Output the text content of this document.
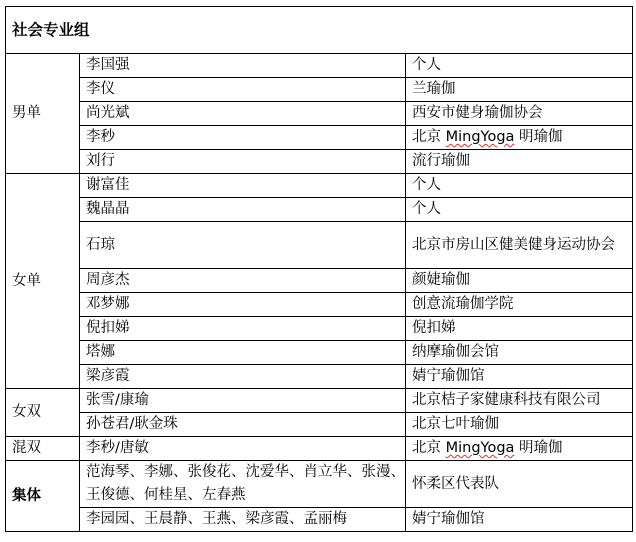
社会专业组		
男单	李国强	个人
	李仪	兰瑜伽
	尚光斌	西安市健身瑜伽协会
	李秒	北京 MingYoga 明瑜伽
	刘行	流行瑜伽
女单	谢富佳	个人
	魏晶晶	个人
	石琼	北京市房山区健美健身运动协会
	周彦杰	颜婕瑜伽
	邓梦娜	创意流瑜伽学院
	倪扣娣	倪扣娣
	塔娜	纳摩瑜伽会馆
	梁彦霞	婧宁瑜伽馆
女双	张雪/康瑜	北京桔子家健康科技有限公司
	孙苍君/耿金珠	北京七叶瑜伽
混双	李秒/唐敏	北京 MingYoga 明瑜伽
集体	范海琴、李娜、张俊花、沈爱华、肖立华、张漫、王俊德、何桂星、左春燕	怀柔区代表队
	李园园、王晨静、王燕、梁彦霞、孟丽梅	婧宁瑜伽馆
